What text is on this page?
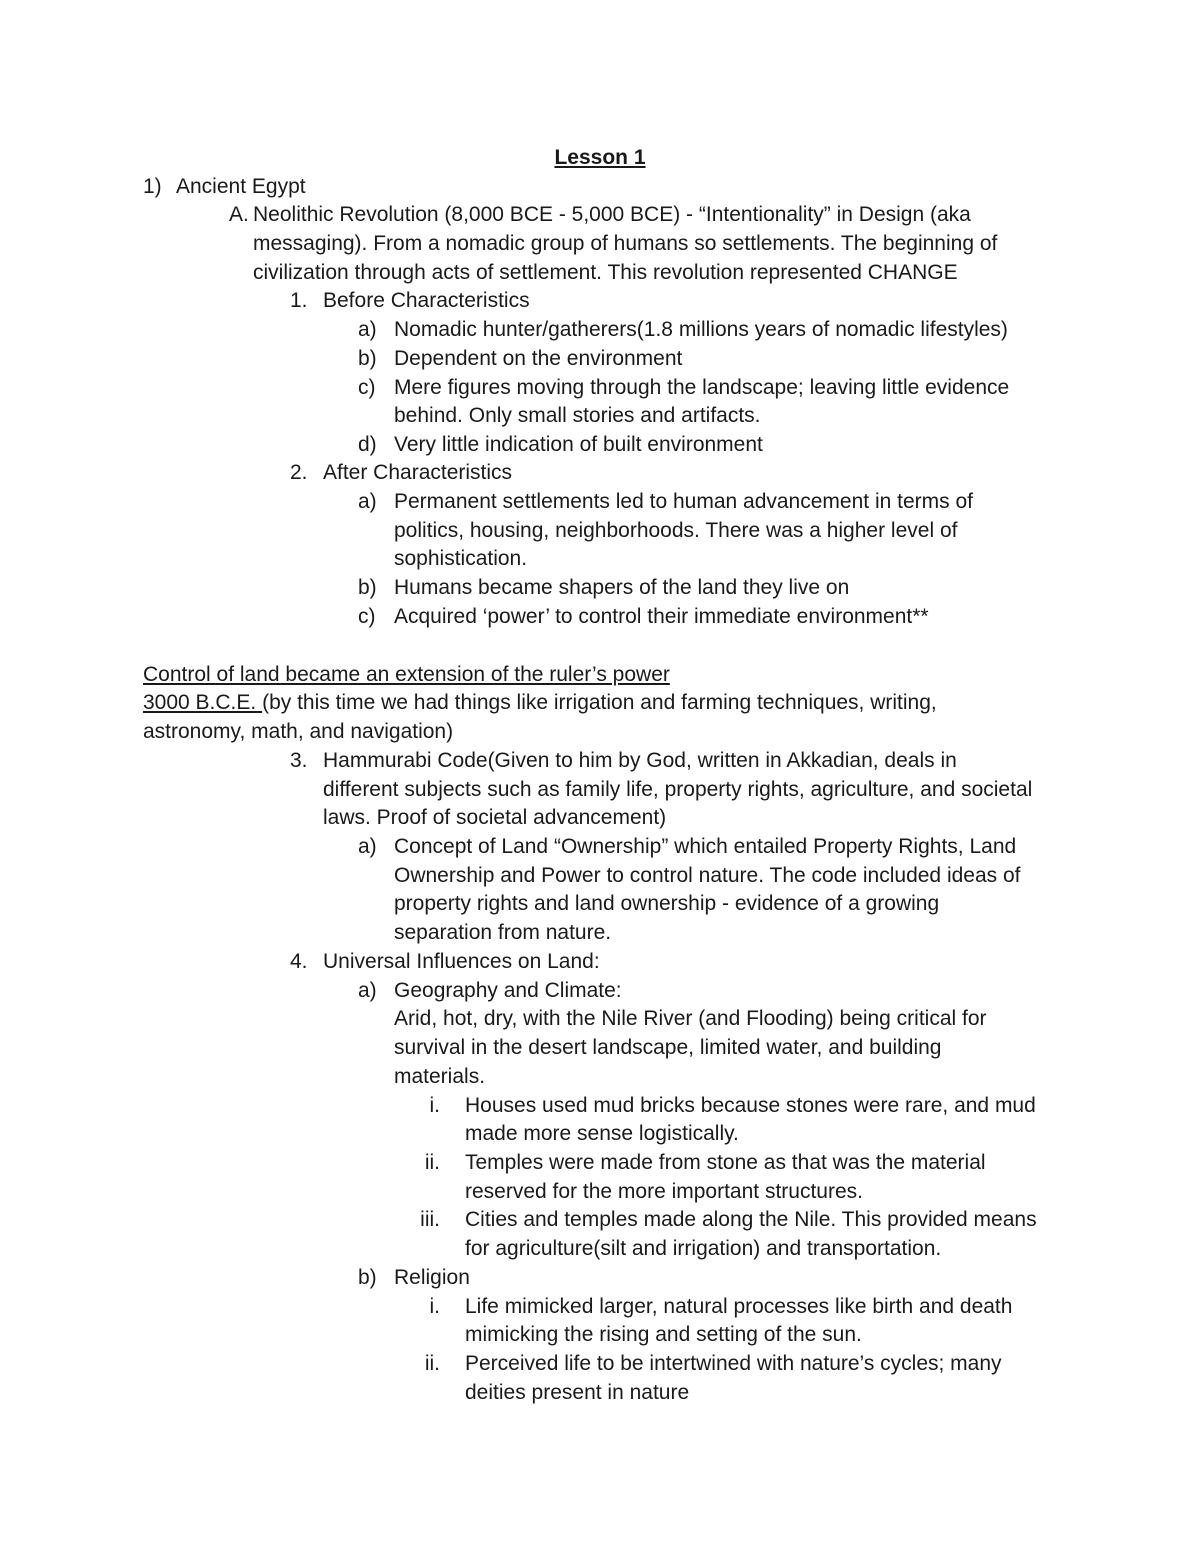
Lesson 1
1) Ancient Egypt
A. Neolithic Revolution (8,000 BCE - 5,000 BCE) - “Intentionality” in Design (aka
messaging). From a nomadic group of humans so settlements. The beginning of
civilization through acts of settlement. This revolution represented CHANGE
1. Before Characteristics
a) Nomadic hunter/gatherers(1.8 millions years of nomadic lifestyles)
b) Dependent on the environment
c) Mere figures moving through the landscape; leaving little evidence
behind. Only small stories and artifacts.
d) Very little indication of built environment
2. After Characteristics
a) Permanent settlements led to human advancement in terms of
politics, housing, neighborhoods. There was a higher level of
sophistication.
b) Humans became shapers of the land they live on
c) Acquired ‘power’ to control their immediate environment**
Control of land became an extension of the ruler’s power
3000 B.C.E. (by this time we had things like irrigation and farming techniques, writing,
astronomy, math, and navigation)
3. Hammurabi Code(Given to him by God, written in Akkadian, deals in
different subjects such as family life, property rights, agriculture, and societal
laws. Proof of societal advancement)
a) Concept of Land “Ownership” which entailed Property Rights, Land
Ownership and Power to control nature. The code included ideas of
property rights and land ownership - evidence of a growing
separation from nature.
4. Universal Influences on Land:
a) Geography and Climate:
Arid, hot, dry, with the Nile River (and Flooding) being critical for
survival in the desert landscape, limited water, and building
materials.
i. Houses used mud bricks because stones were rare, and mud
made more sense logistically.
ii. Temples were made from stone as that was the material
reserved for the more important structures.
iii. Cities and temples made along the Nile. This provided means
for agriculture(silt and irrigation) and transportation.
b) Religion
i. Life mimicked larger, natural processes like birth and death
mimicking the rising and setting of the sun.
ii. Perceived life to be intertwined with nature’s cycles; many
deities present in nature
